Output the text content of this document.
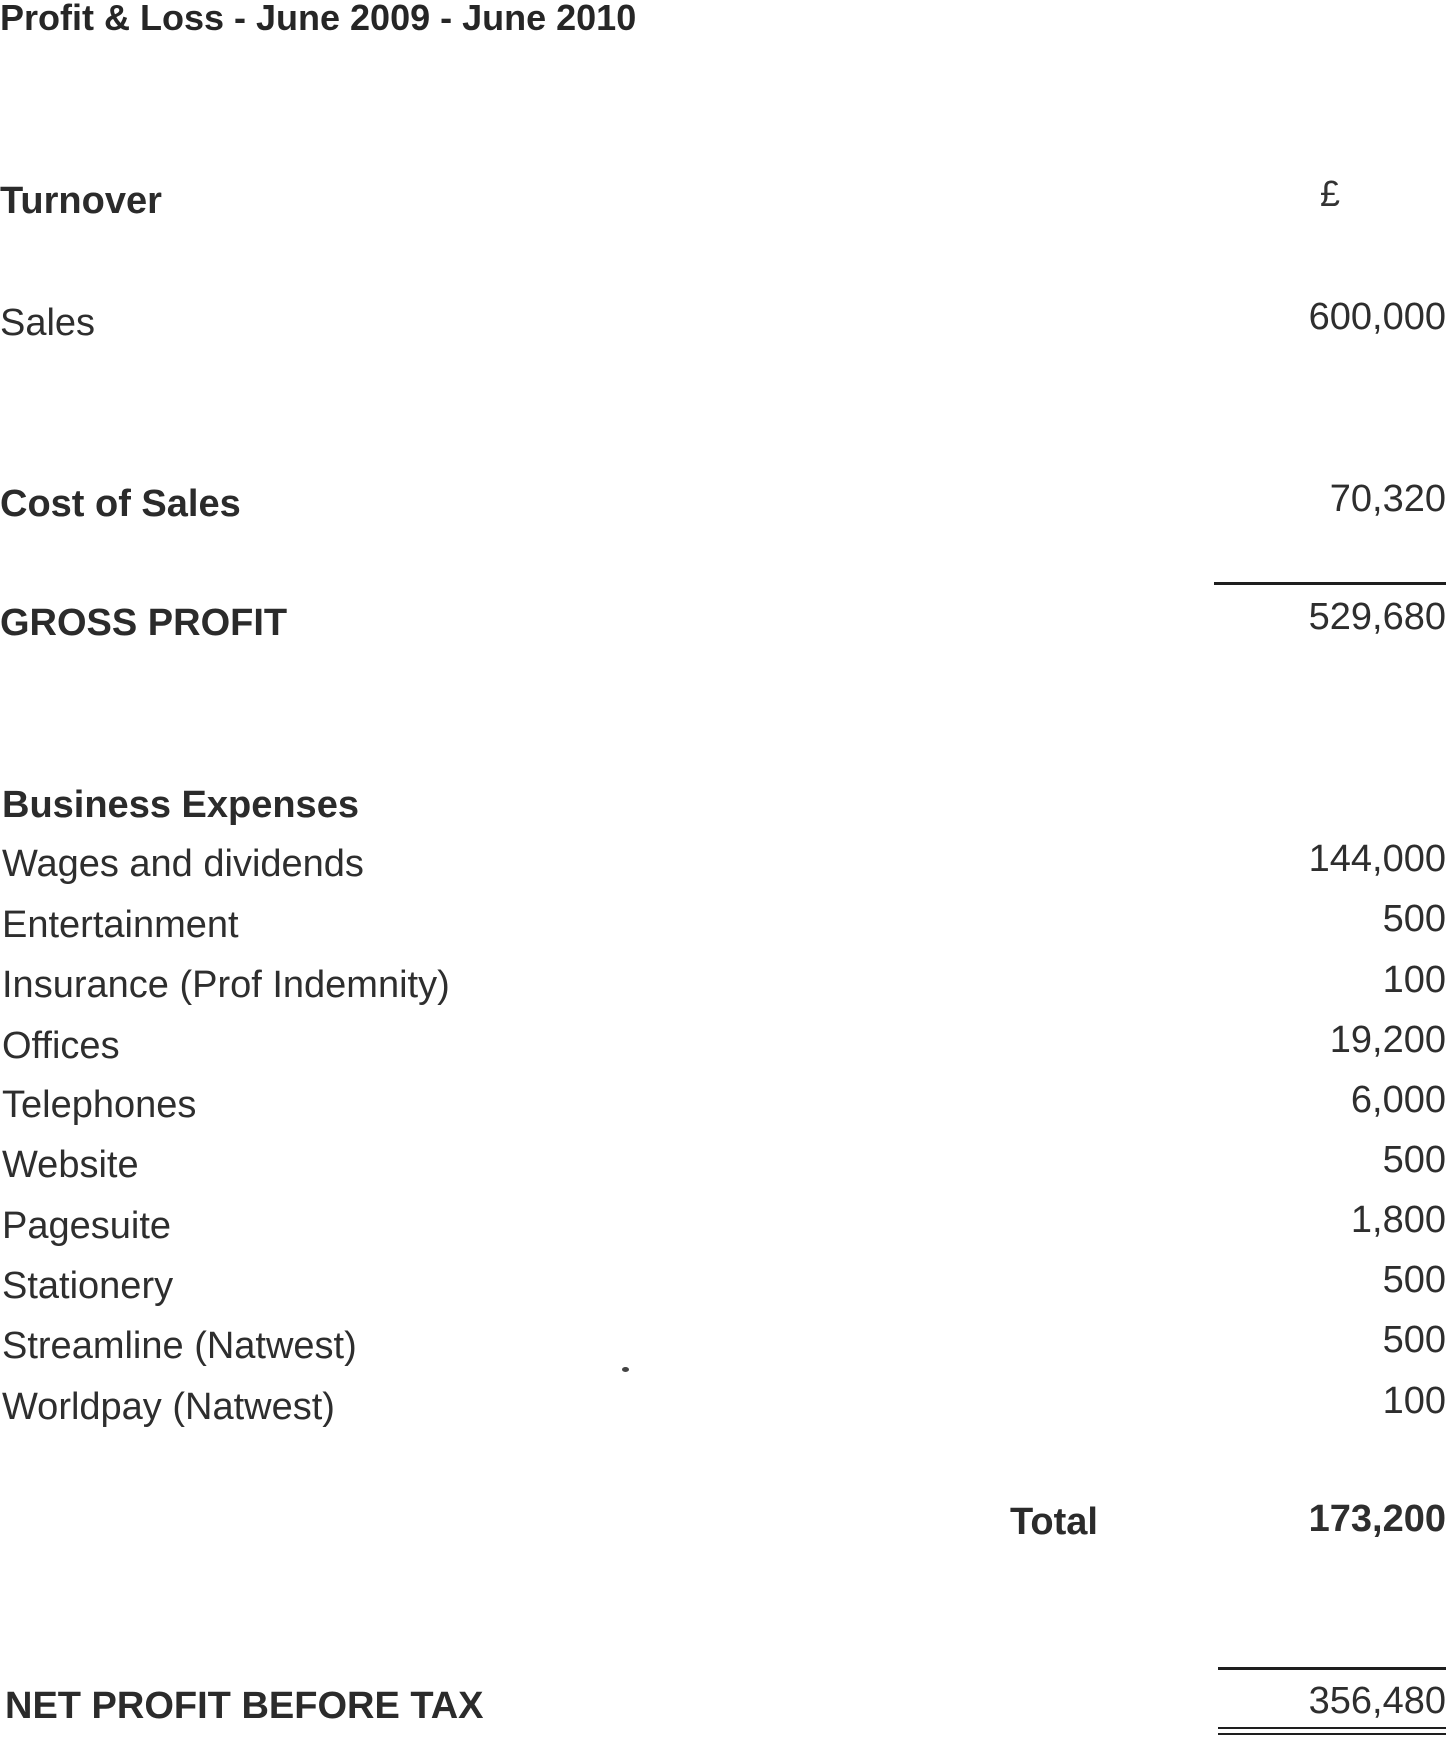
Profit & Loss - June 2009 - June 2010
Turnover	£
Sales	600,000
Cost of Sales	70,320
GROSS PROFIT	529,680
Business Expenses
Wages and dividends	144,000
Entertainment	500
Insurance (Prof Indemnity)	100
Offices	19,200
Telephones	6,000
Website	500
Pagesuite	1,800
Stationery	500
Streamline (Natwest)	500
Worldpay (Natwest)	100
Total	173,200
NET PROFIT BEFORE TAX	356,480
